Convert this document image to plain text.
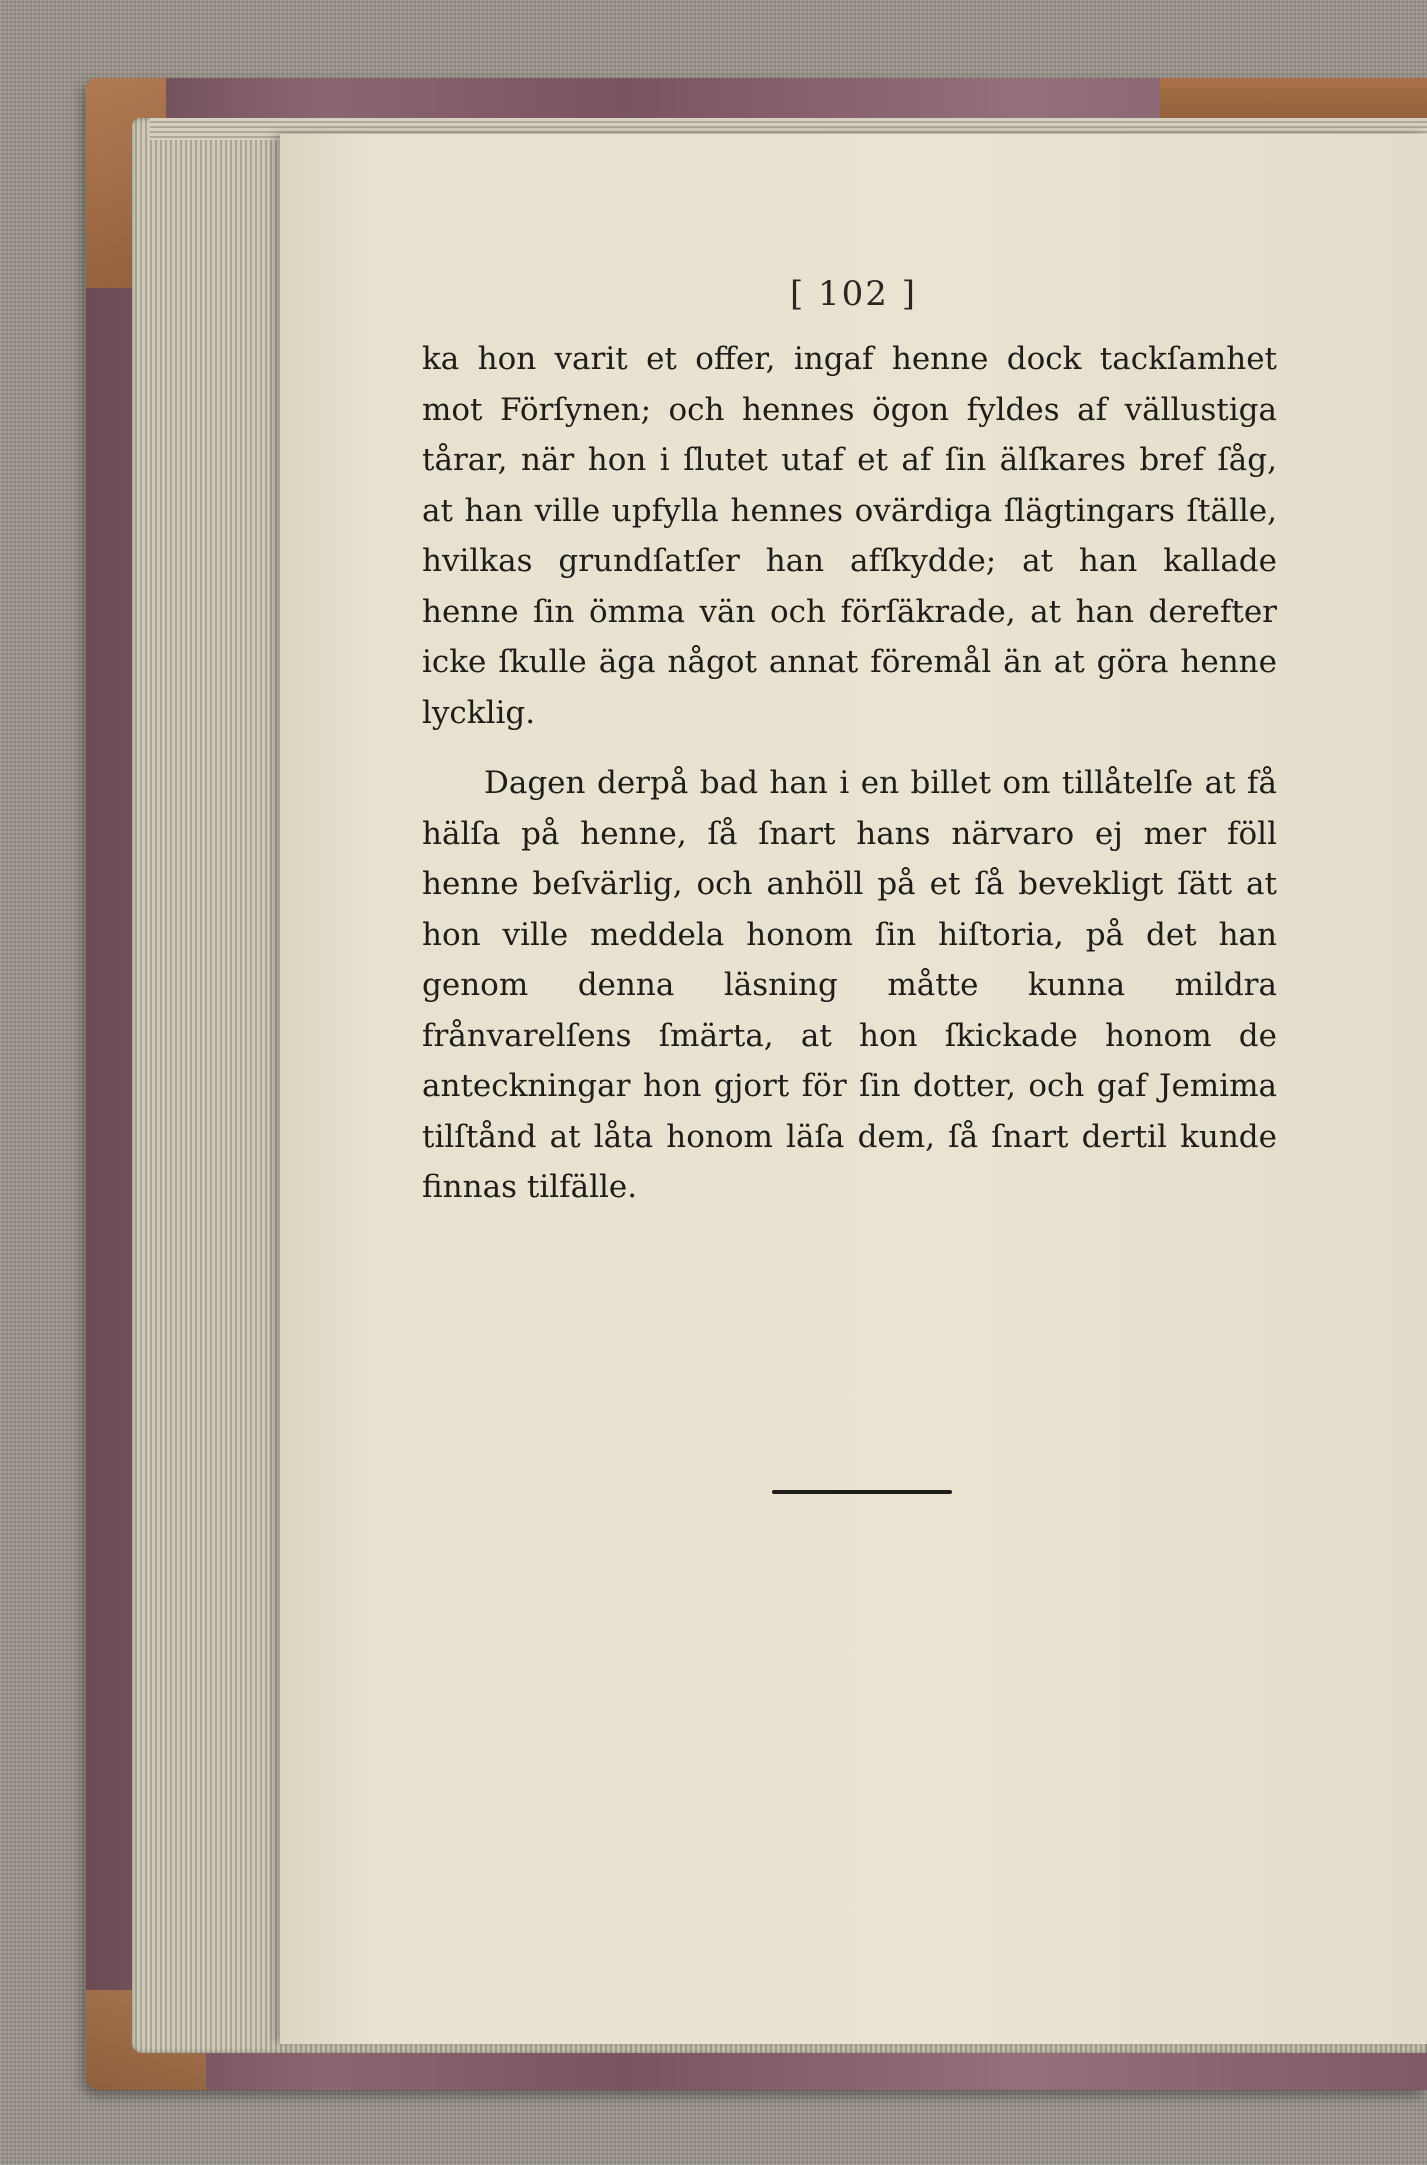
[ 102 ]

ka hon varit et offer, ingaf henne dock tackſamhet mot Förſynen; och hennes ögon fyldes af vällustiga tårar, när hon i ſlutet utaf et af ſin älſkares bref ſåg, at han ville upfylla hennes ovärdiga ſlägtingars ſtälle, hvilkas grundſatſer han afſkydde; at han kallade henne ſin ömma vän och förſäkrade, at han derefter icke ſkulle äga något annat föremål än at göra henne lycklig.

Dagen derpå bad han i en billet om tillåtelſe at få hälſa på henne, ſå ſnart hans närvaro ej mer föll henne beſvärlig, och anhöll på et ſå bevekligt ſätt at hon ville meddela honom ſin hiſtoria, på det han genom denna läsning måtte kunna mildra frånvarelſens ſmärta, at hon ſkickade honom de anteckningar hon gjort för ſin dotter, och gaf Jemima tilſtånd at låta honom läſa dem, ſå ſnart dertil kunde finnas tilfälle.
